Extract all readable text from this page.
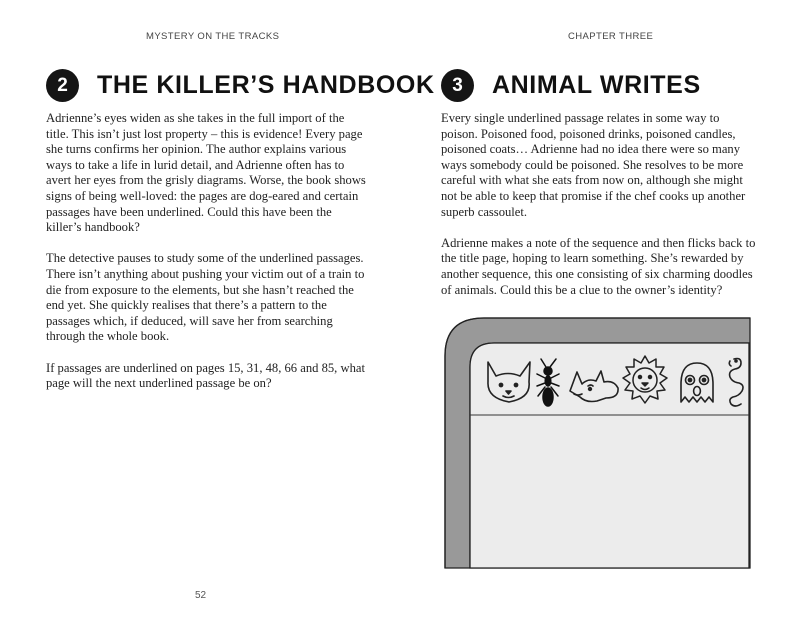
MYSTERY ON THE TRACKS	CHAPTER THREE
2	THE KILLER’S HANDBOOK 3	ANIMAL WRITES

Adrienne’s eyes widen as she takes in the full import of the title. This isn’t just lost property – this is evidence! Every page she turns confirms her opinion. The author explains various ways to take a life in lurid detail, and Adrienne often has to avert her eyes from the grisly diagrams. Worse, the book shows signs of being well-loved: the pages are dog-eared and certain passages have been underlined. Could this have been the killer’s handbook?

The detective pauses to study some of the underlined passages. There isn’t anything about pushing your victim out of a train to die from exposure to the elements, but she hasn’t reached the end yet. She quickly realises that there’s a pattern to the passages which, if deduced, will save her from searching through the whole book.

If passages are underlined on pages 15, 31, 48, 66 and 85, what page will the next underlined passage be on?

Every single underlined passage relates in some way to poison. Poisoned food, poisoned drinks, poisoned candles, poisoned coats… Adrienne had no idea there were so many ways somebody could be poisoned. She resolves to be more careful with what she eats from now on, although she might not be able to keep that promise if the chef cooks up another superb cassoulet.

Adrienne makes a note of the sequence and then flicks back to the title page, hoping to learn something. She’s rewarded by another sequence, this one consisting of six charming doodles of animals. Could this be a clue to the owner’s identity?

52
